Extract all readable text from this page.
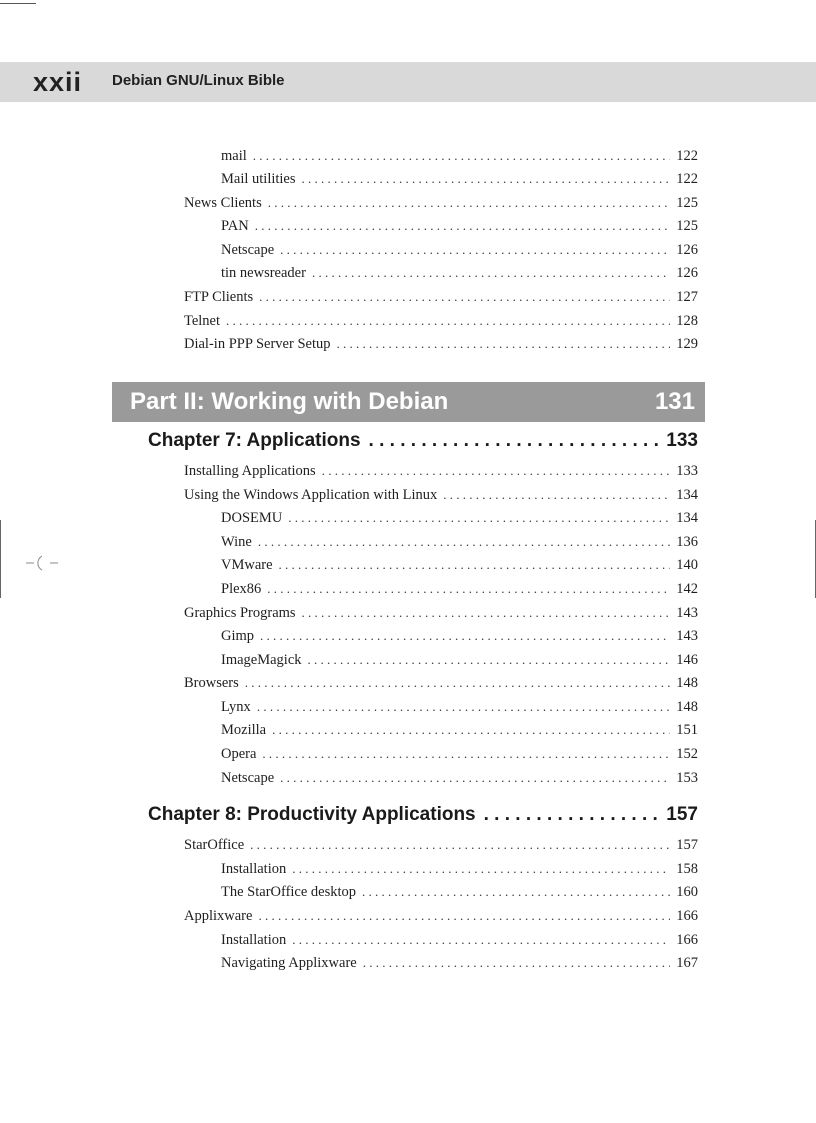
xxii Debian GNU/Linux Bible
mail . . .	122
Mail utilities . . .	122
News Clients . . .	125
PAN . . .	125
Netscape . . .	126
tin newsreader . . .	126
FTP Clients . . .	127
Telnet . . .	128
Dial-in PPP Server Setup . . .	129
Part II: Working with Debian	131
Chapter 7: Applications . . .	133
Installing Applications . . .	133
Using the Windows Application with Linux . . .	134
DOSEMU . . .	134
Wine . . .	136
VMware . . .	140
Plex86 . . .	142
Graphics Programs . . .	143
Gimp . . .	143
ImageMagick . . .	146
Browsers . . .	148
Lynx . . .	148
Mozilla . . .	151
Opera . . .	152
Netscape . . .	153
Chapter 8: Productivity Applications . . .	157
StarOffice . . .	157
Installation . . .	158
The StarOffice desktop . . .	160
Applixware . . .	166
Installation . . .	166
Navigating Applixware . . .	167
